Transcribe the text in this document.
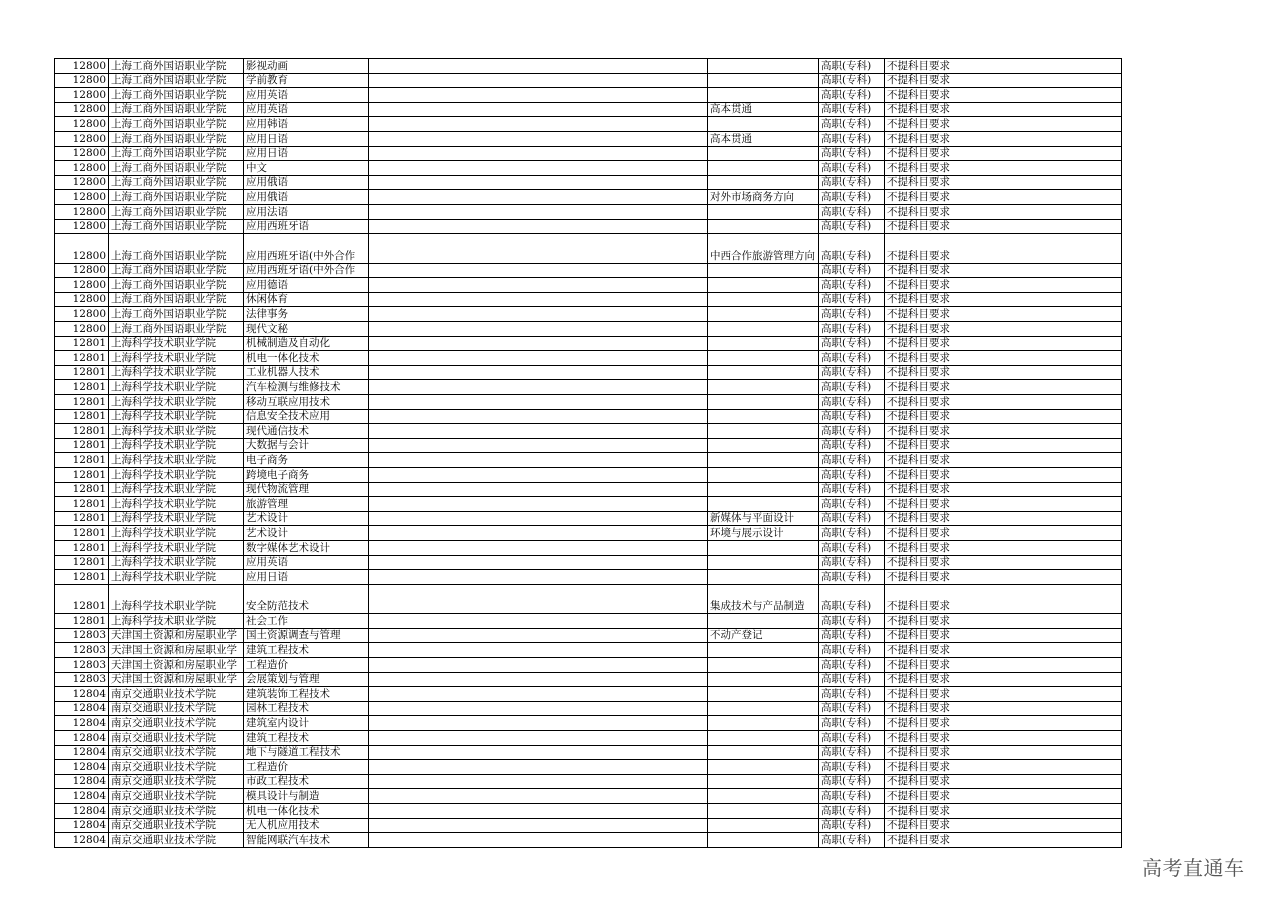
12800	上海工商外国语职业学院	影视动画			高职(专科)	不提科目要求
12800	上海工商外国语职业学院	学前教育			高职(专科)	不提科目要求
12800	上海工商外国语职业学院	应用英语			高职(专科)	不提科目要求
12800	上海工商外国语职业学院	应用英语		高本贯通	高职(专科)	不提科目要求
12800	上海工商外国语职业学院	应用韩语			高职(专科)	不提科目要求
12800	上海工商外国语职业学院	应用日语		高本贯通	高职(专科)	不提科目要求
12800	上海工商外国语职业学院	应用日语			高职(专科)	不提科目要求
12800	上海工商外国语职业学院	中文			高职(专科)	不提科目要求
12800	上海工商外国语职业学院	应用俄语			高职(专科)	不提科目要求
12800	上海工商外国语职业学院	应用俄语		对外市场商务方向	高职(专科)	不提科目要求
12800	上海工商外国语职业学院	应用法语			高职(专科)	不提科目要求
12800	上海工商外国语职业学院	应用西班牙语			高职(专科)	不提科目要求
12800	上海工商外国语职业学院	应用西班牙语(中外合作		中西合作旅游管理方向	高职(专科)	不提科目要求
12800	上海工商外国语职业学院	应用西班牙语(中外合作			高职(专科)	不提科目要求
12800	上海工商外国语职业学院	应用德语			高职(专科)	不提科目要求
12800	上海工商外国语职业学院	休闲体育			高职(专科)	不提科目要求
12800	上海工商外国语职业学院	法律事务			高职(专科)	不提科目要求
12800	上海工商外国语职业学院	现代文秘			高职(专科)	不提科目要求
12801	上海科学技术职业学院	机械制造及自动化			高职(专科)	不提科目要求
12801	上海科学技术职业学院	机电一体化技术			高职(专科)	不提科目要求
12801	上海科学技术职业学院	工业机器人技术			高职(专科)	不提科目要求
12801	上海科学技术职业学院	汽车检测与维修技术			高职(专科)	不提科目要求
12801	上海科学技术职业学院	移动互联应用技术			高职(专科)	不提科目要求
12801	上海科学技术职业学院	信息安全技术应用			高职(专科)	不提科目要求
12801	上海科学技术职业学院	现代通信技术			高职(专科)	不提科目要求
12801	上海科学技术职业学院	大数据与会计			高职(专科)	不提科目要求
12801	上海科学技术职业学院	电子商务			高职(专科)	不提科目要求
12801	上海科学技术职业学院	跨境电子商务			高职(专科)	不提科目要求
12801	上海科学技术职业学院	现代物流管理			高职(专科)	不提科目要求
12801	上海科学技术职业学院	旅游管理			高职(专科)	不提科目要求
12801	上海科学技术职业学院	艺术设计		新媒体与平面设计	高职(专科)	不提科目要求
12801	上海科学技术职业学院	艺术设计		环境与展示设计	高职(专科)	不提科目要求
12801	上海科学技术职业学院	数字媒体艺术设计			高职(专科)	不提科目要求
12801	上海科学技术职业学院	应用英语			高职(专科)	不提科目要求
12801	上海科学技术职业学院	应用日语			高职(专科)	不提科目要求
12801	上海科学技术职业学院	安全防范技术		集成技术与产品制造	高职(专科)	不提科目要求
12801	上海科学技术职业学院	社会工作			高职(专科)	不提科目要求
12803	天津国土资源和房屋职业学	国土资源调查与管理		不动产登记	高职(专科)	不提科目要求
12803	天津国土资源和房屋职业学	建筑工程技术			高职(专科)	不提科目要求
12803	天津国土资源和房屋职业学	工程造价			高职(专科)	不提科目要求
12803	天津国土资源和房屋职业学	会展策划与管理			高职(专科)	不提科目要求
12804	南京交通职业技术学院	建筑装饰工程技术			高职(专科)	不提科目要求
12804	南京交通职业技术学院	园林工程技术			高职(专科)	不提科目要求
12804	南京交通职业技术学院	建筑室内设计			高职(专科)	不提科目要求
12804	南京交通职业技术学院	建筑工程技术			高职(专科)	不提科目要求
12804	南京交通职业技术学院	地下与隧道工程技术			高职(专科)	不提科目要求
12804	南京交通职业技术学院	工程造价			高职(专科)	不提科目要求
12804	南京交通职业技术学院	市政工程技术			高职(专科)	不提科目要求
12804	南京交通职业技术学院	模具设计与制造			高职(专科)	不提科目要求
12804	南京交通职业技术学院	机电一体化技术			高职(专科)	不提科目要求
12804	南京交通职业技术学院	无人机应用技术			高职(专科)	不提科目要求
12804	南京交通职业技术学院	智能网联汽车技术			高职(专科)	不提科目要求
高考直通车
